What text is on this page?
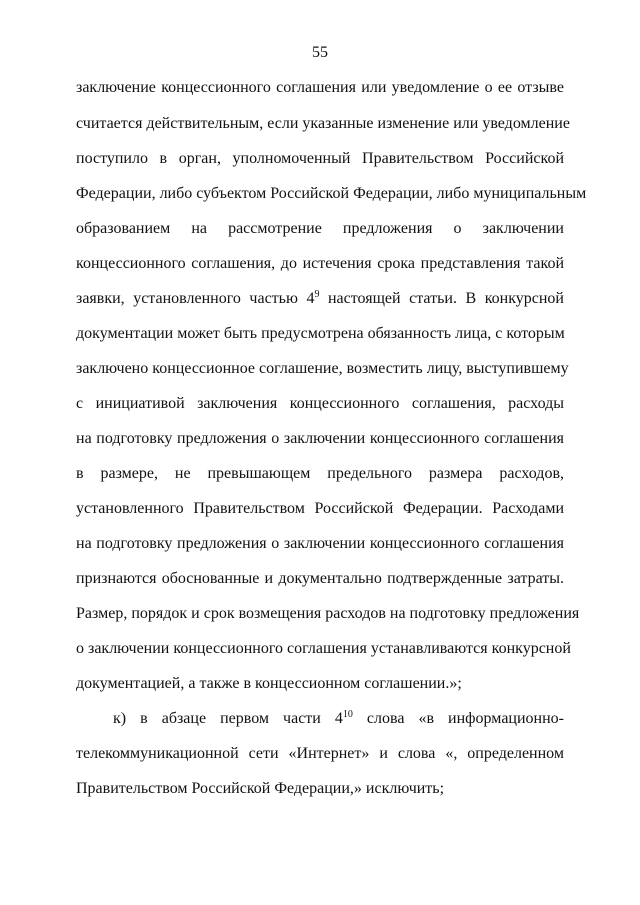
55
заключение концессионного соглашения или уведомление о ее отзыве
считается действительным, если указанные изменение или уведомление
поступило в орган, уполномоченный Правительством Российской
Федерации, либо субъектом Российской Федерации, либо муниципальным
образованием на рассмотрение предложения о заключении
концессионного соглашения, до истечения срока представления такой
заявки, установленного частью $4^9$ настоящей статьи. В конкурсной
документации может быть предусмотрена обязанность лица, с которым
заключено концессионное соглашение, возместить лицу, выступившему
с инициативой заключения концессионного соглашения, расходы
на подготовку предложения о заключении концессионного соглашения
в размере, не превышающем предельного размера расходов,
установленного Правительством Российской Федерации. Расходами
на подготовку предложения о заключении концессионного соглашения
признаются обоснованные и документально подтвержденные затраты.
Размер, порядок и срок возмещения расходов на подготовку предложения
о заключении концессионного соглашения устанавливаются конкурсной
документацией, а также в концессионном соглашении.»;
к) в абзаце первом части $4^{10}$ слова «в информационно-
телекоммуникационной сети «Интернет» и слова «, определенном
Правительством Российской Федерации,» исключить;
